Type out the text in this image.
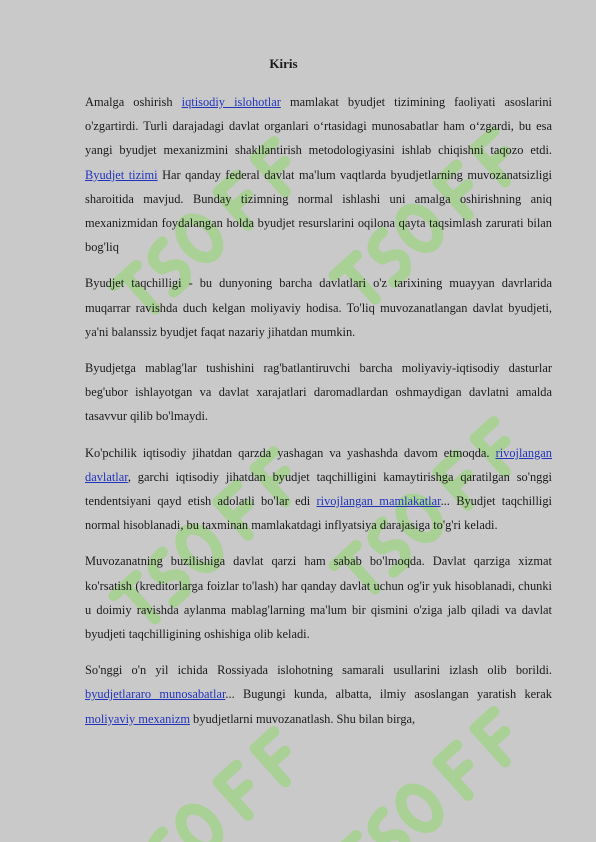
Kiris

Amalga oshirish iqtisodiy islohotlar mamlakat byudjet tizimining faoliyati asoslarini o'zgartirdi. Turli darajadagi davlat organlari o‘rtasidagi munosabatlar ham o‘zgardi, bu esa yangi byudjet mexanizmini shakllantirish metodologiyasini ishlab chiqishni taqozo etdi. Byudjet tizimi Har qanday federal davlat ma'lum vaqtlarda byudjetlarning muvozanatsizligi sharoitida mavjud. Bunday tizimning normal ishlashi uni amalga oshirishning aniq mexanizmidan foydalangan holda byudjet resurslarini oqilona qayta taqsimlash zarurati bilan bog'liq

Byudjet taqchilligi - bu dunyoning barcha davlatlari o'z tarixining muayyan davrlarida muqarrar ravishda duch kelgan moliyaviy hodisa. To'liq muvozanatlangan davlat byudjeti, ya'ni balanssiz byudjet faqat nazariy jihatdan mumkin.

Byudjetga mablag'lar tushishini rag'batlantiruvchi barcha moliyaviy-iqtisodiy dasturlar beg'ubor ishlayotgan va davlat xarajatlari daromadlardan oshmaydigan davlatni amalda tasavvur qilib bo'lmaydi.

Ko'pchilik iqtisodiy jihatdan qarzda yashagan va yashashda davom etmoqda. rivojlangan davlatlar, garchi iqtisodiy jihatdan byudjet taqchilligini kamaytirishga qaratilgan so'nggi tendentsiyani qayd etish adolatli bo'lar edi rivojlangan mamlakatlar... Byudjet taqchilligi normal hisoblanadi, bu taxminan mamlakatdagi inflyatsiya darajasiga to'g'ri keladi.

Muvozanatning buzilishiga davlat qarzi ham sabab bo'lmoqda. Davlat qarziga xizmat ko'rsatish (kreditorlarga foizlar to'lash) har qanday davlat uchun og'ir yuk hisoblanadi, chunki u doimiy ravishda aylanma mablag'larning ma'lum bir qismini o'ziga jalb qiladi va davlat byudjeti taqchilligining oshishiga olib keladi.

So'nggi o'n yil ichida Rossiyada islohotning samarali usullarini izlash olib borildi. byudjetlararo munosabatlar... Bugungi kunda, albatta, ilmiy asoslangan yaratish kerak moliyaviy mexanizm byudjetlarni muvozanatlash. Shu bilan birga,
